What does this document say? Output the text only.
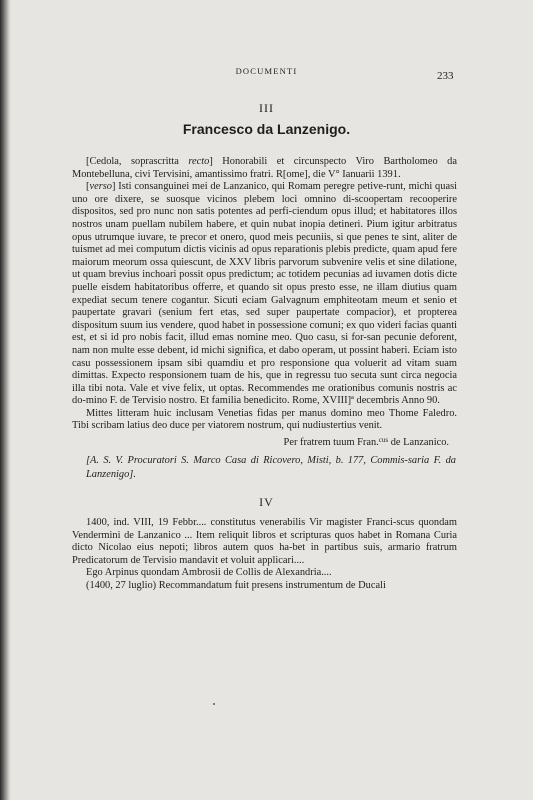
DOCUMENTI	233
III
Francesco da Lanzenigo.

[Cedola, soprascritta recto] Honorabili et circunspecto Viro Bartholomeo da Montebelluna, civi Tervisini, amantissimo fratri. R[ome], die V° Ianuarii 1391.

[verso] Isti consanguinei mei de Lanzanico, qui Romam peregre petive-runt, michi quasi uno ore dixere, se suosque vicinos plebem loci omnino di-scoopertam recooperire dispositos, sed pro nunc non satis potentes ad perfi-ciendum opus illud; et habitatores illos nostros unam puellam nubilem habere, et quin nubat inopia detineri. Pium igitur arbitratus opus utrumque iuvare, te precor et onero, quod meis pecuniis, si que penes te sint, aliter de tuismet ad mei computum dictis vicinis ad opus reparationis plebis predicte, quam apud fere maiorum meorum ossa quiescunt, de XXV libris parvorum subvenire velis et sine dilatione, ut quam brevius inchoari possit opus predictum; ac totidem pecunias ad iuvamen dotis dicte puelle eisdem habitatoribus offerre, et quando sit opus presto esse, ne illam diutius quam expediat secum tenere cogantur. Sicuti eciam Galvagnum emphiteotam meum et senio et paupertate gravari (senium fert etas, sed super paupertate compacior), et propterea dispositum suum ius vendere, quod habet in possessione comuni; ex quo videri facias quanti est, et si id pro nobis facit, illud emas nomine meo. Quo casu, si for-san pecunie deforent, nam non multe esse debent, id michi significa, et dabo operam, ut possint haberi. Eciam isto casu possessionem ipsam sibi quamdiu et pro responsione qua voluerit ad vitam suam dimittas. Expecto responsionem tuam de his, que in regressu tuo secuta sunt circa negocia illa tibi nota. Vale et vive felix, ut optas. Recommendes me orationibus comunis nostris ac do-mino F. de Tervisio nostro. Et familia benedicito. Rome, XVIII]ª decembris Anno 90.

Mittes litteram huic inclusam Venetias fidas per manus domino meo Thome Faledro. Tibi scribam latius deo duce per viatorem nostrum, qui nudiustertius venit.

Per fratrem tuum Fran.$^{cus}$ de Lanzanico.
[A. S. V. Procuratori S. Marco Casa di Ricovero, Misti, b. 177, Commis-saria F. da Lanzenigo].
IV

1400, ind. VIII, 19 Febbr.... constitutus venerabilis Vir magister Franci-scus quondam Vendermini de Lanzanico ... Item reliquit libros et scripturas quos habet in Romana Curia dicto Nicolao eius nepoti; libros autem quos ha-bet in partibus suis, armario fratrum Predicatorum de Tervisio mandavit et voluit applicari....

Ego Arpinus quondam Ambrosii de Collis de Alexandria....

(1400, 27 luglio) Recommandatum fuit presens instrumentum de Ducali
